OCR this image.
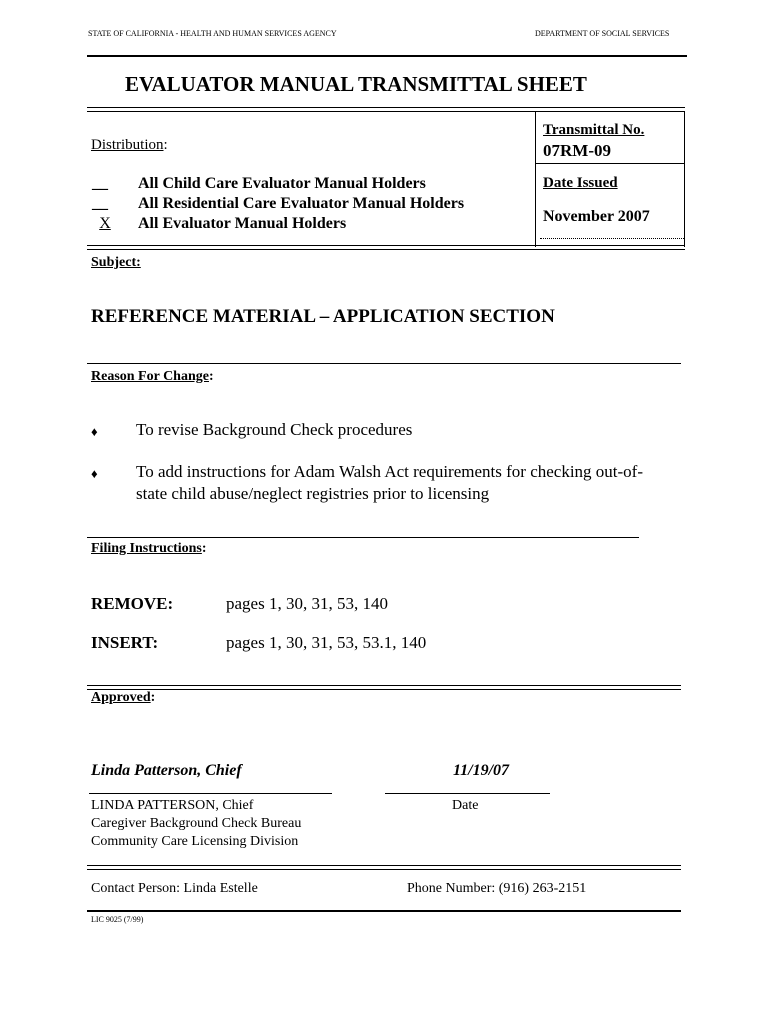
STATE OF CALIFORNIA - HEALTH AND HUMAN SERVICES AGENCY	DEPARTMENT OF SOCIAL SERVICES
EVALUATOR MANUAL TRANSMITTAL SHEET
Distribution:
__ All Child Care Evaluator Manual Holders
__ All Residential Care Evaluator Manual Holders
X	All Evaluator Manual Holders
Transmittal No.
07RM-09
Date Issued
November 2007
Subject:
REFERENCE MATERIAL – APPLICATION SECTION
Reason For Change:
♦ To revise Background Check procedures
♦ To add instructions for Adam Walsh Act requirements for checking out-of-
state child abuse/neglect registries prior to licensing
Filing Instructions:
REMOVE:	pages 1, 30, 31, 53, 140
INSERT:	pages 1, 30, 31, 53, 53.1, 140
Approved:
Linda Patterson, Chief	11/19/07
LINDA PATTERSON, Chief
Caregiver Background Check Bureau
Community Care Licensing Division
Date
Contact Person: Linda Estelle	Phone Number: (916) 263-2151
LIC 9025 (7/99)
